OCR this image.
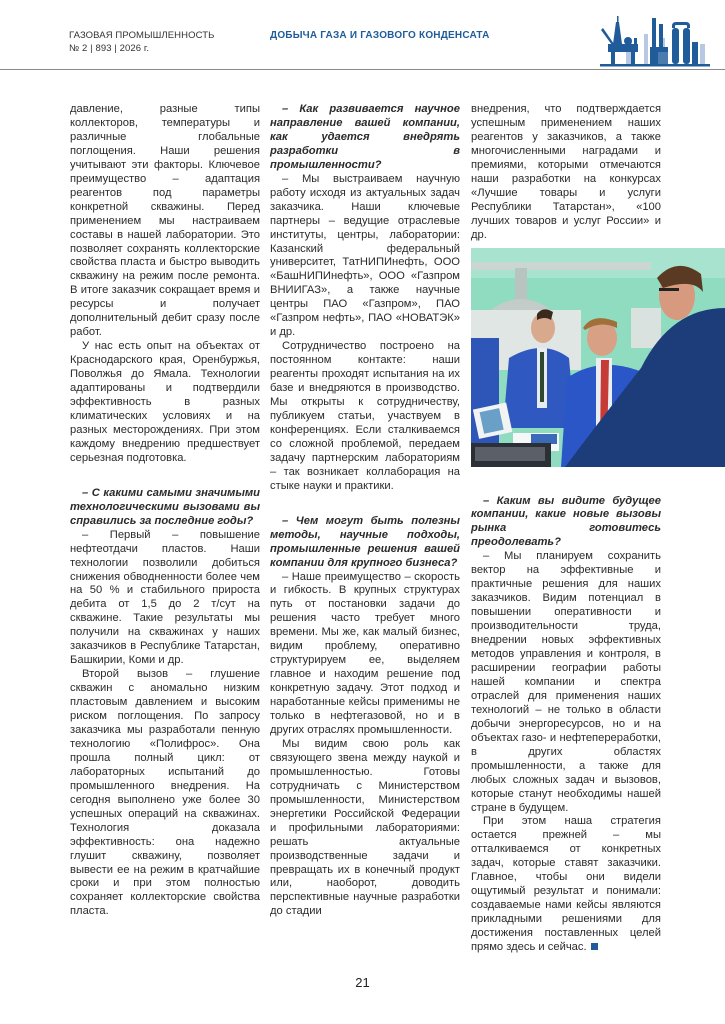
ГАЗОВАЯ ПРОМЫШЛЕННОСТЬ
№ 2 | 893 | 2026 г.
ДОБЫЧА ГАЗА И ГАЗОВОГО КОНДЕНСАТА

давление, разные типы коллекторов, температуры и различные глобальные поглощения. Наши решения учитывают эти факторы. Ключевое преимущество – адаптация реагентов под параметры конкретной скважины. Перед применением мы настраиваем составы в нашей лаборатории. Это позволяет сохранять коллекторские свойства пласта и быстро выводить скважину на режим после ремонта. В итоге заказчик сокращает время и ресурсы и получает дополнительный дебит сразу после работ.

У нас есть опыт на объектах от Краснодарского края, Оренбуржья, Поволжья до Ямала. Технологии адаптированы и подтвердили эффективность в разных климатических условиях и на разных месторождениях. При этом каждому внедрению предшествует серьезная подготовка.

– С какими самыми значимыми технологическими вызовами вы справились за последние годы?

– Первый – повышение нефтеотдачи пластов. Наши технологии позволили добиться снижения обводненности более чем на 50 % и стабильного прироста дебита от 1,5 до 2 т/сут на скважине. Такие результаты мы получили на скважинах у наших заказчиков в Республике Татарстан, Башкирии, Коми и др.

Второй вызов – глушение скважин с аномально низким пластовым давлением и высоким риском поглощения. По запросу заказчика мы разработали пенную технологию «Полифрос». Она прошла полный цикл: от лабораторных испытаний до промышленного внедрения. На сегодня выполнено уже более 30 успешных операций на скважинах. Технология доказала эффективность: она надежно глушит скважину, позволяет вывести ее на режим в кратчайшие сроки и при этом полностью сохраняет коллекторские свойства пласта.

– Как развивается научное направление вашей компании, как удается внедрять разработки в промышленности?

– Мы выстраиваем научную работу исходя из актуальных задач заказчика. Наши ключевые партнеры – ведущие отраслевые институты, центры, лаборатории: Казанский федеральный университет, ТатНИПИнефть, ООО «БашНИПИнефть», ООО «Газпром ВНИИГАЗ», а также научные центры ПАО «Газпром», ПАО «Газпром нефть», ПАО «НОВАТЭК» и др.

Сотрудничество построено на постоянном контакте: наши реагенты проходят испытания на их базе и внедряются в производство. Мы открыты к сотрудничеству, публикуем статьи, участвуем в конференциях. Если сталкиваемся со сложной проблемой, передаем задачу партнерским лабораториям – так возникает коллаборация на стыке науки и практики.

– Чем могут быть полезны методы, научные подходы, промышленные решения вашей компании для крупного бизнеса?

– Наше преимущество – скорость и гибкость. В крупных структурах путь от постановки задачи до решения часто требует много времени. Мы же, как малый бизнес, видим проблему, оперативно структурируем ее, выделяем главное и находим решение под конкретную задачу. Этот подход и наработанные кейсы применимы не только в нефтегазовой, но и в других отраслях промышленности.

Мы видим свою роль как связующего звена между наукой и промышленностью. Готовы сотрудничать с Министерством промышленности, Министерством энергетики Российской Федерации и профильными лабораториями: решать актуальные производственные задачи и превращать их в конечный продукт или, наоборот, доводить перспективные научные разработки до стадии

внедрения, что подтверждается успешным применением наших реагентов у заказчиков, а также многочисленными наградами и премиями, которыми отмечаются наши разработки на конкурсах «Лучшие товары и услуги Республики Татарстан», «100 лучших товаров и услуг России» и др.

– Каким вы видите будущее компании, какие новые вызовы рынка готовитесь преодолевать?

– Мы планируем сохранить вектор на эффективные и практичные решения для наших заказчиков. Видим потенциал в повышении оперативности и производительности труда, внедрении новых эффективных методов управления и контроля, в расширении географии работы нашей компании и спектра отраслей для применения наших технологий – не только в области добычи энергоресурсов, но и на объектах газо- и нефтепереработки, в других областях промышленности, а также для любых сложных задач и вызовов, которые станут необходимы нашей стране в будущем.

При этом наша стратегия остается прежней – мы отталкиваемся от конкретных задач, которые ставят заказчики. Главное, чтобы они видели ощутимый результат и понимали: создаваемые нами кейсы являются прикладными решениями для достижения поставленных целей прямо здесь и сейчас.

21
